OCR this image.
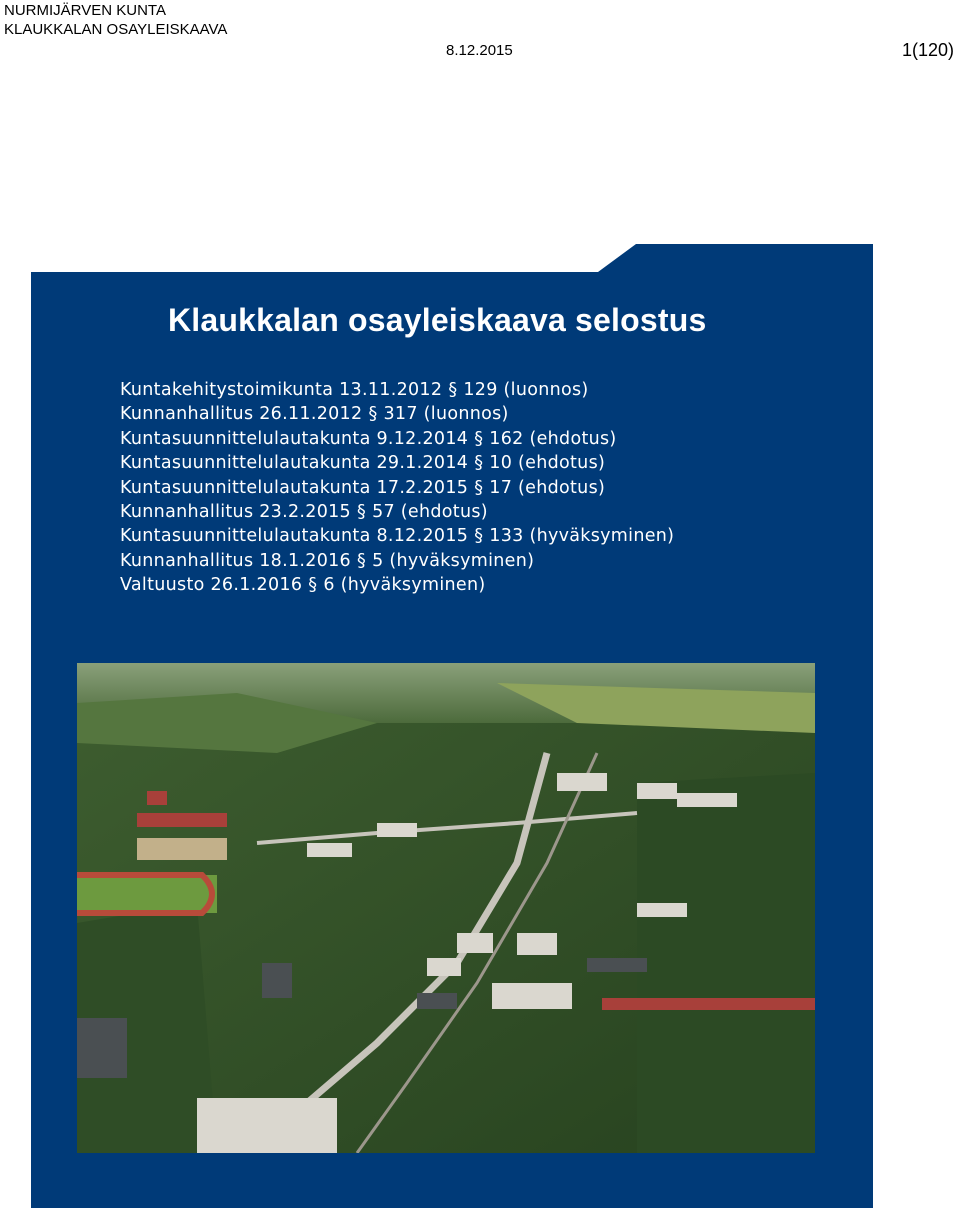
NURMIJÄRVEN KUNTA
KLAUKKALAN OSAYLEISKAAVA
8.12.2015	1(120)
Klaukkalan osayleiskaava selostus
Kuntakehitystoimikunta 13.11.2012 § 129 (luonnos)
Kunnanhallitus 26.11.2012 § 317 (luonnos)
Kuntasuunnittelulautakunta 9.12.2014 § 162 (ehdotus)
Kuntasuunnittelulautakunta 29.1.2014 § 10 (ehdotus)
Kuntasuunnittelulautakunta 17.2.2015 § 17 (ehdotus)
Kunnanhallitus 23.2.2015 § 57 (ehdotus)
Kuntasuunnittelulautakunta 8.12.2015 § 133 (hyväksyminen)
Kunnanhallitus 18.1.2016 § 5 (hyväksyminen)
Valtuusto 26.1.2016 § 6 (hyväksyminen)
